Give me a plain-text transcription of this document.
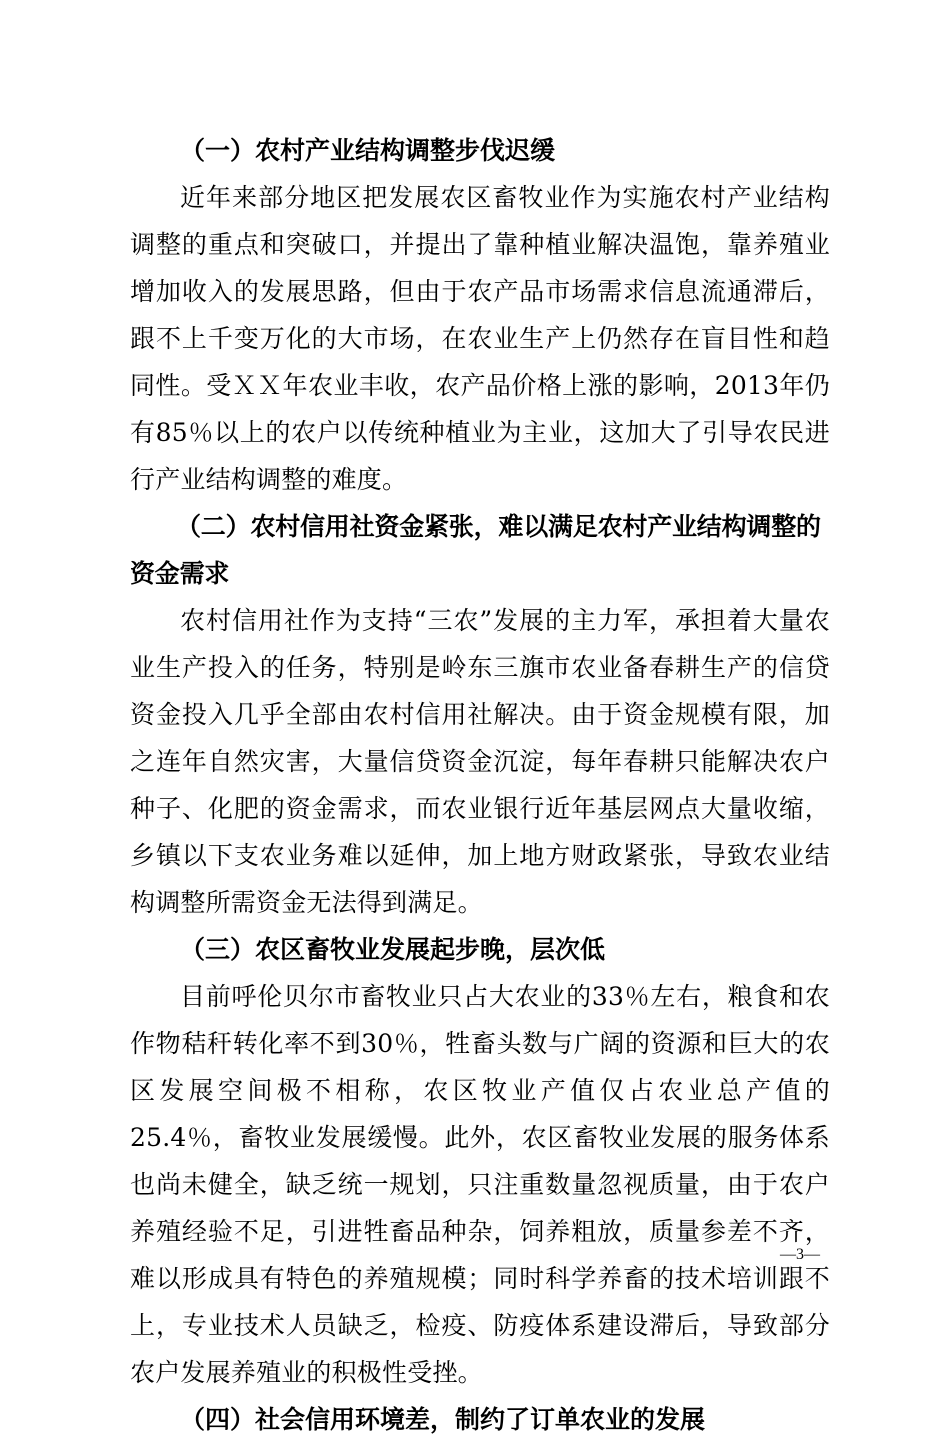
（一）农村产业结构调整步伐迟缓

近年来部分地区把发展农区畜牧业作为实施农村产业结构调整的重点和突破口，并提出了靠种植业解决温饱，靠养殖业增加收入的发展思路，但由于农产品市场需求信息流通滞后，跟不上千变万化的大市场，在农业生产上仍然存在盲目性和趋同性。受ＸＸ年农业丰收，农产品价格上涨的影响，2013年仍有85％以上的农户以传统种植业为主业，这加大了引导农民进行产业结构调整的难度。

（二）农村信用社资金紧张，难以满足农村产业结构调整的资金需求

农村信用社作为支持“三农”发展的主力军，承担着大量农业生产投入的任务，特别是岭东三旗市农业备春耕生产的信贷资金投入几乎全部由农村信用社解决。由于资金规模有限，加之连年自然灾害，大量信贷资金沉淀，每年春耕只能解决农户种子、化肥的资金需求，而农业银行近年基层网点大量收缩，乡镇以下支农业务难以延伸，加上地方财政紧张，导致农业结构调整所需资金无法得到满足。

（三）农区畜牧业发展起步晚，层次低

目前呼伦贝尔市畜牧业只占大农业的33％左右，粮食和农作物秸秆转化率不到30％，牲畜头数与广阔的资源和巨大的农区发展空间极不相称，农区牧业产值仅占农业总产值的25.4％，畜牧业发展缓慢。此外，农区畜牧业发展的服务体系也尚未健全，缺乏统一规划，只注重数量忽视质量，由于农户养殖经验不足，引进牲畜品种杂，饲养粗放，质量参差不齐，难以形成具有特色的养殖规模；同时科学养畜的技术培训跟不上，专业技术人员缺乏，检疫、防疫体系建设滞后，导致部分农户发展养殖业的积极性受挫。

（四）社会信用环境差，制约了订单农业的发展

—3—
